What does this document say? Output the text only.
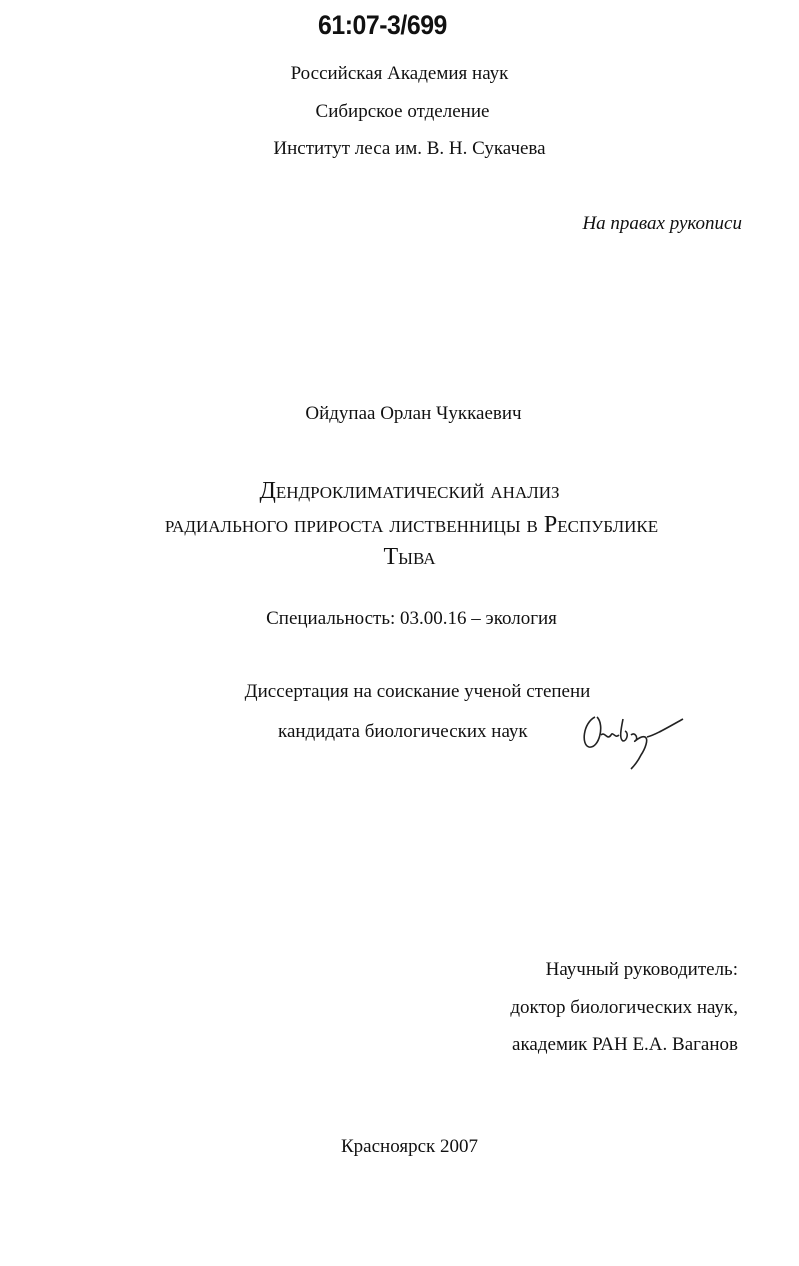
61:07-3/699
Российская Академия наук
Сибирское отделение
Институт леса им. В. Н. Сукачева
На правах рукописи
Ойдупаа Орлан Чуккаевич
Дендроклиматический анализ
радиального прироста лиственницы в Республике
Тыва
Специальность: 03.00.16 – экология
Диссертация на соискание ученой степени
кандидата биологических наук
Научный руководитель:
доктор биологических наук,
академик РАН Е.А. Ваганов
Красноярск 2007
